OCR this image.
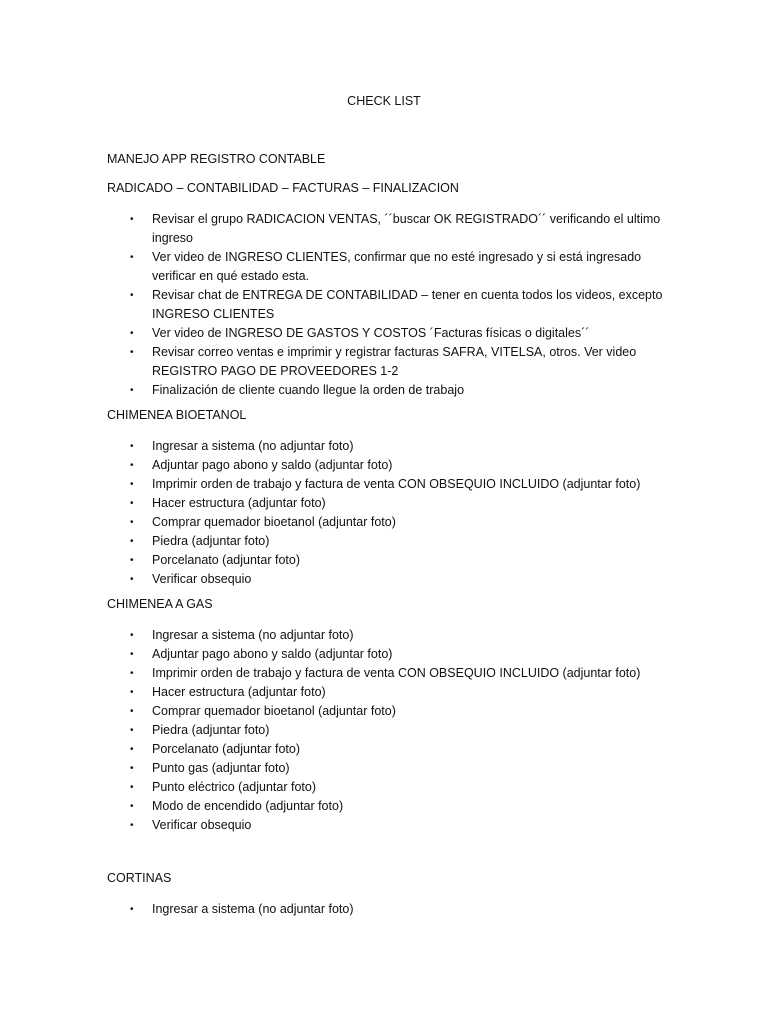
CHECK LIST
MANEJO APP REGISTRO CONTABLE
RADICADO – CONTABILIDAD – FACTURAS – FINALIZACION
• Revisar el grupo RADICACION VENTAS, ´´buscar OK REGISTRADO´´ verificando el ultimo ingreso
• Ver video de INGRESO CLIENTES, confirmar que no esté ingresado y si está ingresado verificar en qué estado esta.
• Revisar chat de ENTREGA DE CONTABILIDAD – tener en cuenta todos los videos, excepto INGRESO CLIENTES
• Ver video de INGRESO DE GASTOS Y COSTOS ´Facturas físicas o digitales´´
• Revisar correo ventas e imprimir y registrar facturas SAFRA, VITELSA, otros. Ver video REGISTRO PAGO DE PROVEEDORES 1-2
• Finalización de cliente cuando llegue la orden de trabajo
CHIMENEA BIOETANOL
• Ingresar a sistema (no adjuntar foto)
• Adjuntar pago abono y saldo (adjuntar foto)
• Imprimir orden de trabajo y factura de venta CON OBSEQUIO INCLUIDO (adjuntar foto)
• Hacer estructura (adjuntar foto)
• Comprar quemador bioetanol (adjuntar foto)
• Piedra (adjuntar foto)
• Porcelanato (adjuntar foto)
• Verificar obsequio
CHIMENEA A GAS
• Ingresar a sistema (no adjuntar foto)
• Adjuntar pago abono y saldo (adjuntar foto)
• Imprimir orden de trabajo y factura de venta CON OBSEQUIO INCLUIDO (adjuntar foto)
• Hacer estructura (adjuntar foto)
• Comprar quemador bioetanol (adjuntar foto)
• Piedra (adjuntar foto)
• Porcelanato (adjuntar foto)
• Punto gas (adjuntar foto)
• Punto eléctrico (adjuntar foto)
• Modo de encendido (adjuntar foto)
• Verificar obsequio
CORTINAS
• Ingresar a sistema (no adjuntar foto)
